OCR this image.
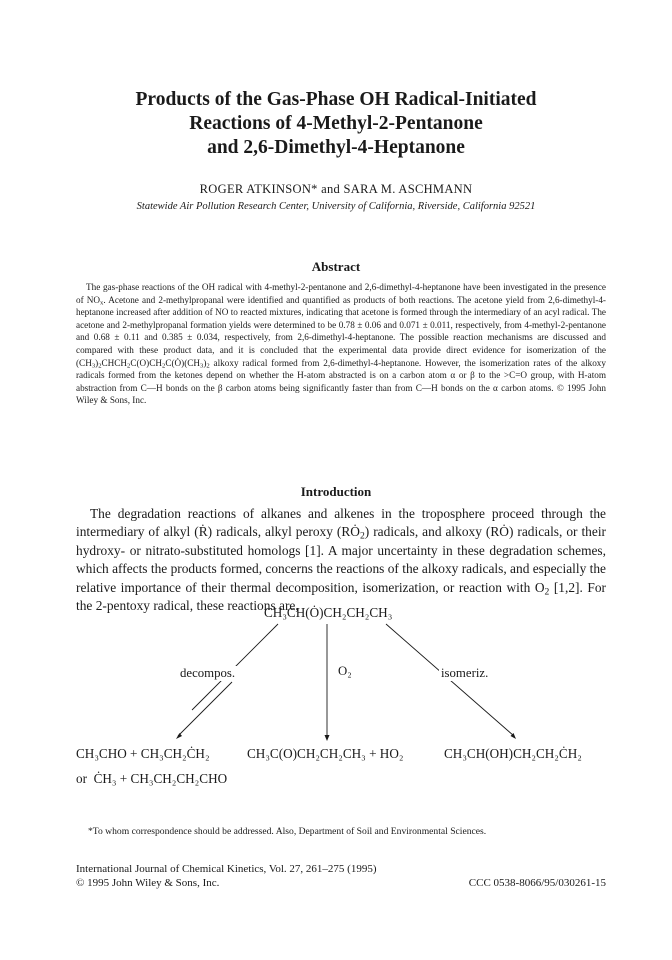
Products of the Gas-Phase OH Radical-Initiated
Reactions of 4-Methyl-2-Pentanone
and 2,6-Dimethyl-4-Heptanone
ROGER ATKINSON* and SARA M. ASCHMANN
Statewide Air Pollution Research Center, University of California, Riverside, California 92521
Abstract

The gas-phase reactions of the OH radical with 4-methyl-2-pentanone and 2,6-dimethyl-4-heptanone have been investigated in the presence of $NO_x$. Acetone and 2-methylpropanal were identified and quantified as products of both reactions. The acetone yield from 2,6-dimethyl-4-heptanone increased after addition of NO to reacted mixtures, indicating that acetone is formed through the intermediary of an acyl radical. The acetone and 2-methylpropanal formation yields were determined to be 0.78 ± 0.06 and 0.071 ± 0.011, respectively, from 4-methyl-2-pentanone and 0.68 ± 0.11 and 0.385 ± 0.034, respectively, from 2,6-dimethyl-4-heptanone. The possible reaction mechanisms are discussed and compared with these product data, and it is concluded that the experimental data provide direct evidence for isomerization of the $(CH_3)_2CHCH_2C(O)CH_2C(Ȯ)(CH_3)_2$ alkoxy radical formed from 2,6-dimethyl-4-heptanone. However, the isomerization rates of the alkoxy radicals formed from the ketones depend on whether the H-atom abstracted is on a carbon atom α or β to the >C=O group, with H-atom abstraction from C—H bonds on the β carbon atoms being significantly faster than from C—H bonds on the α carbon atoms. © 1995 John Wiley & Sons, Inc.

Introduction

The degradation reactions of alkanes and alkenes in the troposphere proceed through the intermediary of alkyl (Ṙ) radicals, alkyl peroxy $(RȮ_2)$ radicals, and alkoxy (RȮ) radicals, or their hydroxy- or nitrato-substituted homologs [1]. A major uncertainty in these degradation schemes, which affects the products formed, concerns the reactions of the alkoxy radicals, and especially the relative importance of their thermal decomposition, isomerization, or reaction with $O_2$ [1,2]. For the 2-pentoxy radical, these reactions are,

CH₃CH(Ȯ)CH₂CH₂CH₃
decompos.	O₂	isomeriz.
CH₃CHO + CH₃CH₂ĊH₂	CH₃C(O)CH₂CH₂CH₃ + HO₂	CH₃CH(OH)CH₂CH₂ĊH₂
or  ĊH₃ + CH₃CH₂CH₂CHO
*To whom correspondence should be addressed. Also, Department of Soil and Environmental Sciences.
International Journal of Chemical Kinetics, Vol. 27, 261–275 (1995)
© 1995 John Wiley & Sons, Inc.	CCC 0538-8066/95/030261-15
